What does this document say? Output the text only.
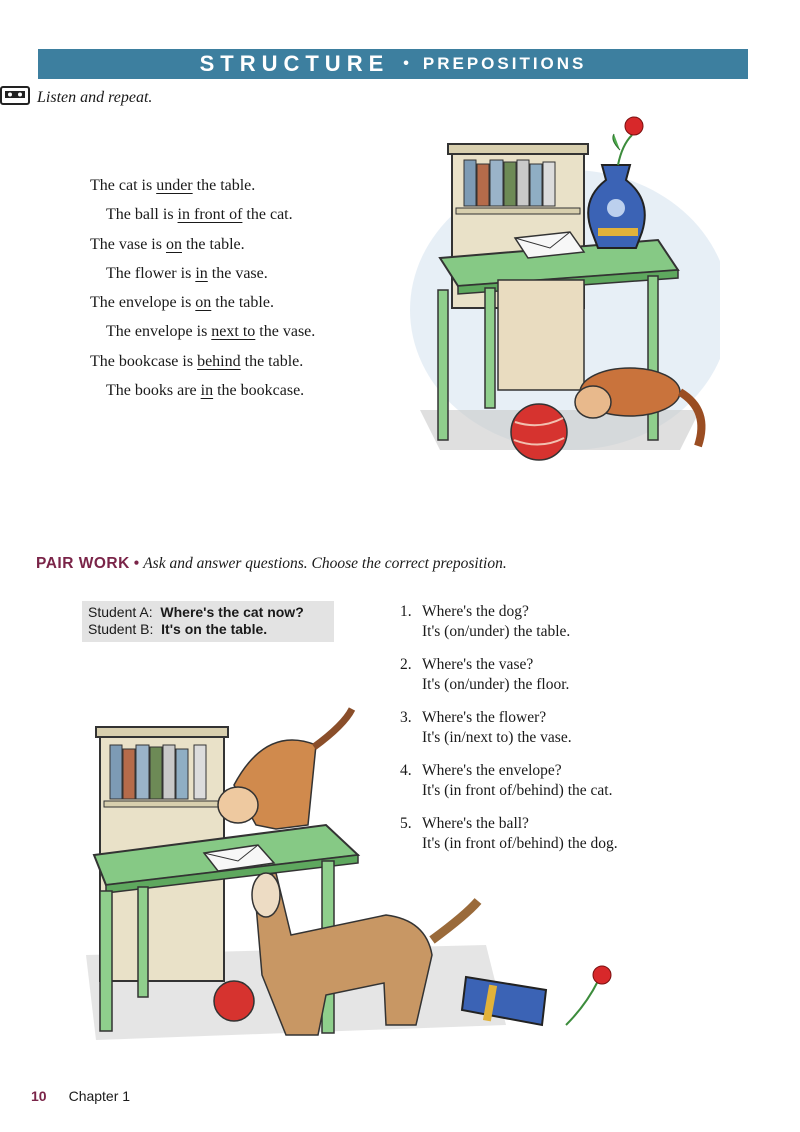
STRUCTURE • PREPOSITIONS
Listen and repeat.
The cat is under the table.
The ball is in front of the cat.
The vase is on the table.
The flower is in the vase.
The envelope is on the table.
The envelope is next to the vase.
The bookcase is behind the table.
The books are in the bookcase.
PAIR WORK • Ask and answer questions. Choose the correct preposition.
Student A: Where's the cat now?
Student B: It's on the table.
1. Where's the dog?
It's (on/under) the table.
2. Where's the vase?
It's (on/under) the floor.
3. Where's the flower?
It's (in/next to) the vase.
4. Where's the envelope?
It's (in front of/behind) the cat.
5. Where's the ball?
It's (in front of/behind) the dog.
10 Chapter 1
